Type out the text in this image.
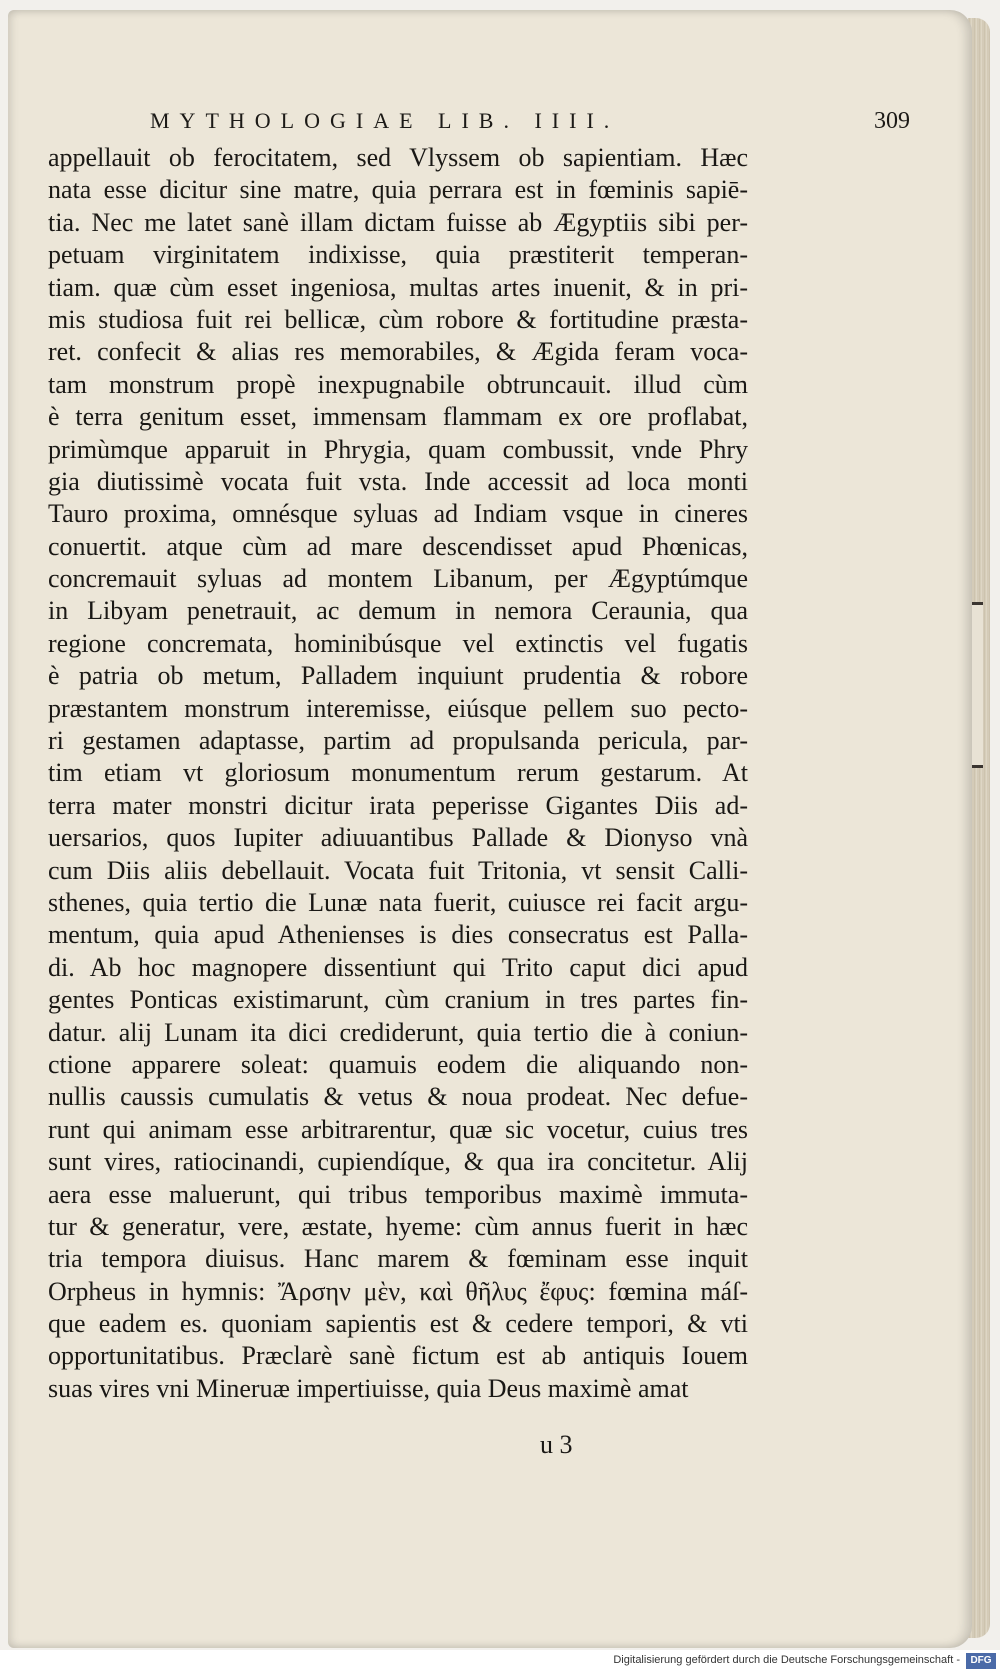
MYTHOLOGIAE LIB. IIII.	309
appellauit ob ferocitatem, sed Vlyssem ob sapientiam. Hæc
nata esse dicitur sine matre, quia perrara est in fœminis sapiē-
tia. Nec me latet sanè illam dictam fuisse ab Ægyptiis sibi per-
petuam virginitatem indixisse, quia præstiterit temperan-
tiam. quæ cùm esset ingeniosa, multas artes inuenit, & in pri-
mis studiosa fuit rei bellicæ, cùm robore & fortitudine præsta-
ret. confecit & alias res memorabiles, & Ægida feram voca-
tam monstrum propè inexpugnabile obtruncauit. illud cùm
è terra genitum esset, immensam flammam ex ore proflabat,
primùmque apparuit in Phrygia, quam combussit, vnde Phry
gia diutissimè vocata fuit vsta. Inde accessit ad loca monti
Tauro proxima, omnésque syluas ad Indiam vsque in cineres
conuertit. atque cùm ad mare descendisset apud Phœnicas,
concremauit syluas ad montem Libanum, per Ægyptúmque
in Libyam penetrauit, ac demum in nemora Ceraunia, qua
regione concremata, hominibúsque vel extinctis vel fugatis
è patria ob metum, Palladem inquiunt prudentia & robore
præstantem monstrum interemisse, eiúsque pellem suo pecto-
ri gestamen adaptasse, partim ad propulsanda pericula, par-
tim etiam vt gloriosum monumentum rerum gestarum. At
terra mater monstri dicitur irata peperisse Gigantes Diis ad-
uersarios, quos Iupiter adiuuantibus Pallade & Dionyso vnà
cum Diis aliis debellauit. Vocata fuit Tritonia, vt sensit Calli-
sthenes, quia tertio die Lunæ nata fuerit, cuiusce rei facit argu-
mentum, quia apud Athenienses is dies consecratus est Palla-
di. Ab hoc magnopere dissentiunt qui Trito caput dici apud
gentes Ponticas existimarunt, cùm cranium in tres partes fin-
datur. alij Lunam ita dici crediderunt, quia tertio die à coniun-
ctione apparere soleat: quamuis eodem die aliquando non-
nullis caussis cumulatis & vetus & noua prodeat. Nec defue-
runt qui animam esse arbitrarentur, quæ sic vocetur, cuius tres
sunt vires, ratiocinandi, cupiendíque, & qua ira concitetur. Alij
aera esse maluerunt, qui tribus temporibus maximè immuta-
tur & generatur, vere, æstate, hyeme: cùm annus fuerit in hæc
tria tempora diuisus. Hanc marem & fœminam esse inquit
Orpheus in hymnis: Ἄρσην μὲν, καὶ θῆλυς ἔφυς: fœmina máſ-
que eadem es. quoniam sapientis est & cedere tempori, & vti
opportunitatibus. Præclarè sanè fictum est ab antiquis Iouem
suas vires vni Mineruæ impertiuisse, quia Deus maximè amat
u 3
Digitalisierung gefördert durch die Deutsche Forschungsgemeinschaft -	DFG
